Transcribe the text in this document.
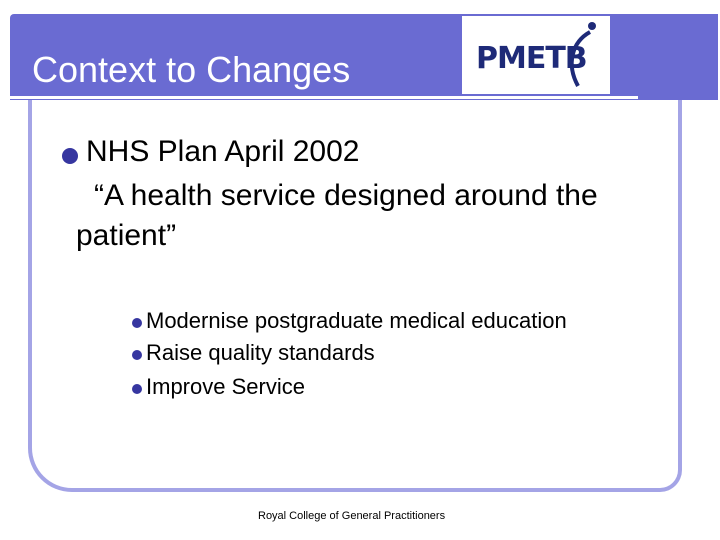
Context to Changes	PMETB
NHS Plan April 2002
“A health service designed around the
patient”
Modernise postgraduate medical education
Raise quality standards
Improve Service
Royal College of General Practitioners
